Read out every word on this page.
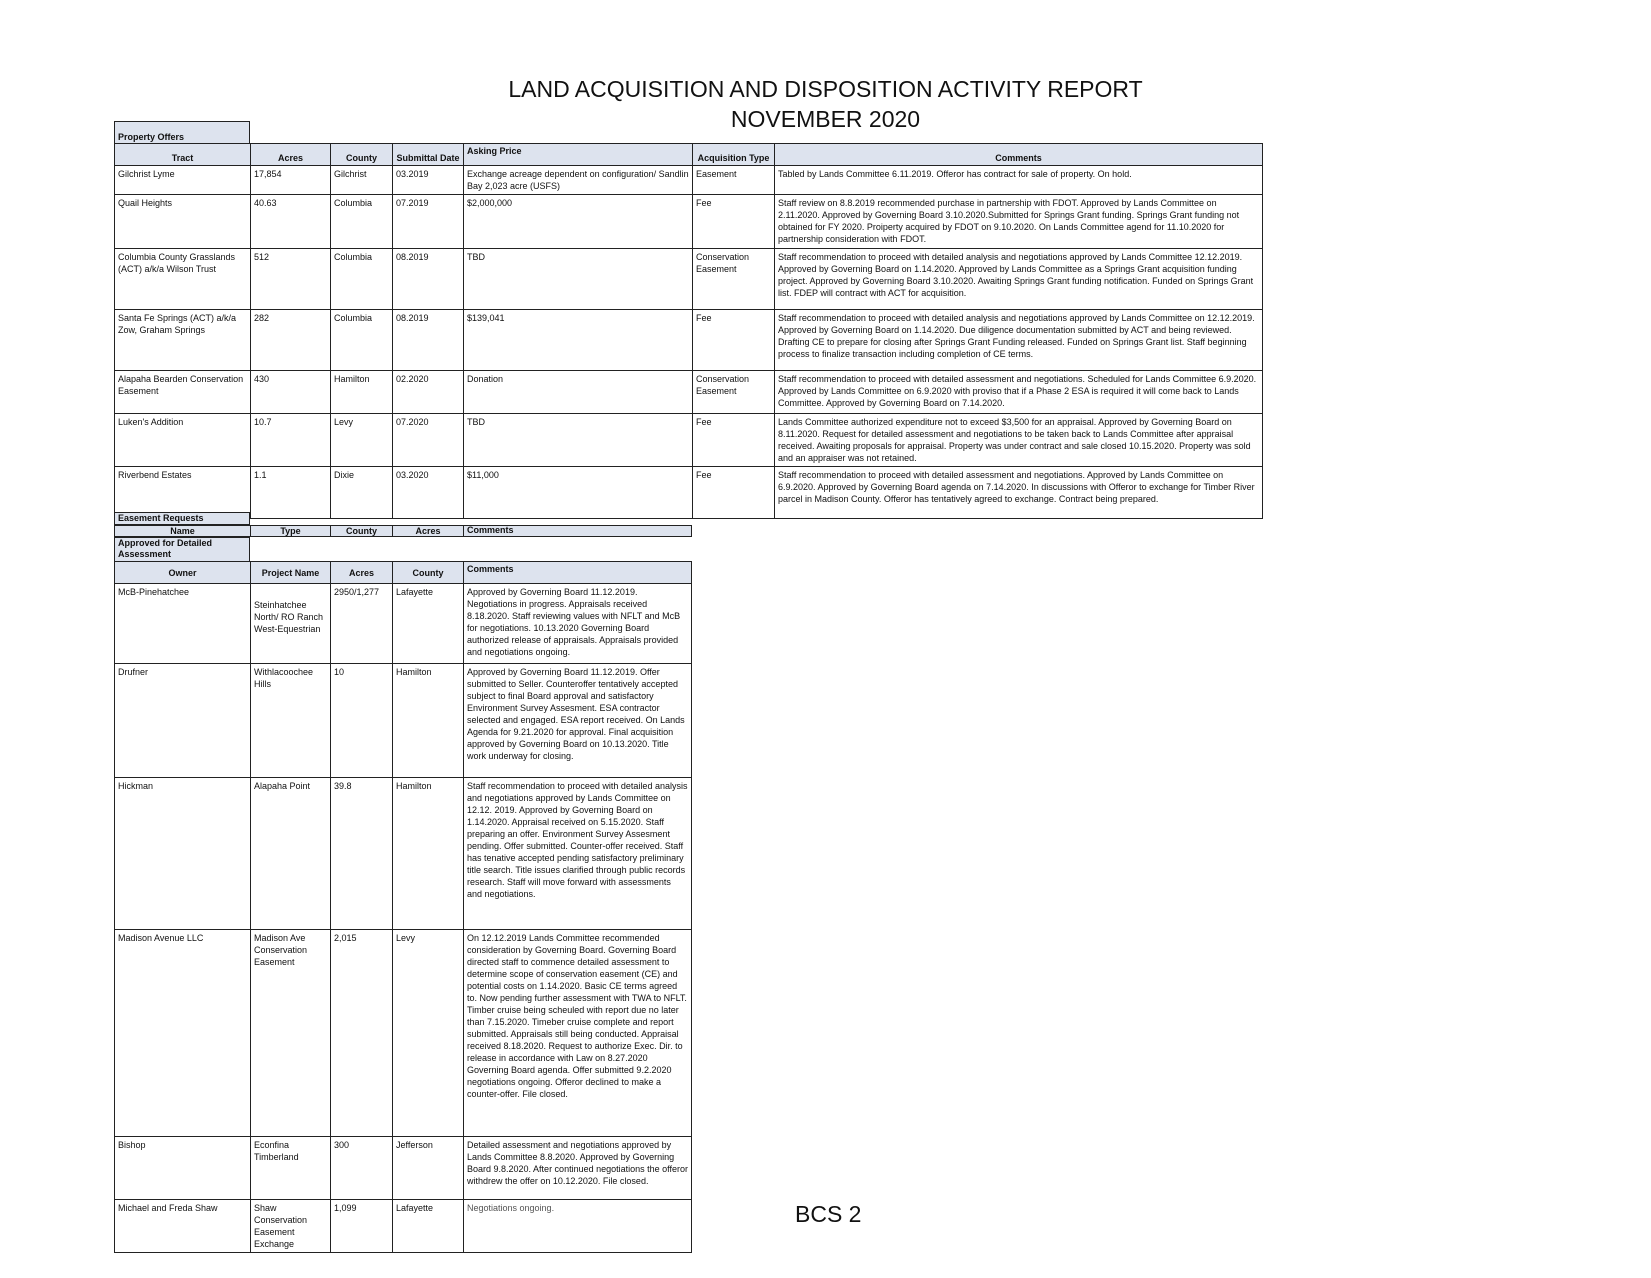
LAND ACQUISITION AND DISPOSITION ACTIVITY REPORT
NOVEMBER 2020
Property Offers
Tract	Acres	County	Submittal Date	Asking Price	Acquisition Type	Comments
Gilchrist Lyme	17,854	Gilchrist	03.2019	Exchange acreage dependent on configuration/ Sandlin Bay 2,023 acre (USFS)	Easement	Tabled by Lands Committee 6.11.2019. Offeror has contract for sale of property. On hold.
Quail Heights	40.63	Columbia	07.2019	$2,000,000	Fee	Staff review on 8.8.2019 recommended purchase in partnership with FDOT. Approved by Lands Committee on 2.11.2020. Approved by Governing Board 3.10.2020.Submitted for Springs Grant funding. Springs Grant funding not obtained for FY 2020. Proiperty acquired by FDOT on 9.10.2020. On Lands Committee agend for 11.10.2020 for partnership consideration with FDOT.
Columbia County Grasslands (ACT) a/k/a Wilson Trust	512	Columbia	08.2019	TBD	Conservation Easement	Staff recommendation to proceed with detailed analysis and negotiations approved by Lands Committee 12.12.2019. Approved by Governing Board on 1.14.2020. Approved by Lands Committee as a Springs Grant acquisition funding project. Approved by Governing Board 3.10.2020. Awaiting Springs Grant funding notification. Funded on Springs Grant list. FDEP will contract with ACT for acquisition.
Santa Fe Springs (ACT) a/k/a Zow, Graham Springs	282	Columbia	08.2019	$139,041	Fee	Staff recommendation to proceed with detailed analysis and negotiations approved by Lands Committee on 12.12.2019. Approved by Governing Board on 1.14.2020. Due diligence documentation submitted by ACT and being reviewed. Drafting CE to prepare for closing after Springs Grant Funding released. Funded on Springs Grant list. Staff beginning process to finalize transaction including completion of CE terms.
Alapaha Bearden Conservation Easement	430	Hamilton	02.2020	Donation	Conservation Easement	Staff recommendation to proceed with detailed assessment and negotiations. Scheduled for Lands Committee 6.9.2020. Approved by Lands Committee on 6.9.2020 with proviso that if a Phase 2 ESA is required it will come back to Lands Committee. Approved by Governing Board on 7.14.2020.
Luken's Addition	10.7	Levy	07.2020	TBD	Fee	Lands Committee authorized expenditure not to exceed $3,500 for an appraisal. Approved by Governing Board on 8.11.2020. Request for detailed assessment and negotiations to be taken back to Lands Committee after appraisal received. Awaiting proposals for appraisal. Property was under contract and sale closed 10.15.2020. Property was sold and an appraiser was not retained.
Riverbend Estates	1.1	Dixie	03.2020	$11,000	Fee	Staff recommendation to proceed with detailed assessment and negotiations. Approved by Lands Committee on 6.9.2020. Approved by Governing Board agenda on 7.14.2020. In discussions with Offeror to exchange for Timber River parcel in Madison County. Offeror has tentatively agreed to exchange. Contract being prepared.
Easement Requests
Name	Type	County	Acres	Comments
Approved for Detailed Assessment
Owner	Project Name	Acres	County	Comments
McB-Pinehatchee	Steinhatchee North/ RO Ranch West-Equestrian	2950/1,277	Lafayette	Approved by Governing Board 11.12.2019. Negotiations in progress. Appraisals received 8.18.2020. Staff reviewing values with NFLT and McB for negotiations. 10.13.2020 Governing Board authorized release of appraisals. Appraisals provided and negotiations ongoing.
Drufner	Withlacoochee Hills	10	Hamilton	Approved by Governing Board 11.12.2019. Offer submitted to Seller. Counteroffer tentatively accepted subject to final Board approval and satisfactory Environment Survey Assesment. ESA contractor selected and engaged. ESA report received. On Lands Agenda for 9.21.2020 for approval. Final acquisition approved by Governing Board on 10.13.2020. Title work underway for closing.
Hickman	Alapaha Point	39.8	Hamilton	Staff recommendation to proceed with detailed analysis and negotiations approved by Lands Committee on 12.12. 2019. Approved by Governing Board on 1.14.2020. Appraisal received on 5.15.2020. Staff preparing an offer. Environment Survey Assesment pending. Offer submitted. Counter-offer received. Staff has tenative accepted pending satisfactory preliminary title search. Title issues clarified through public records research. Staff will move forward with assessments and negotiations.
Madison Avenue LLC	Madison Ave Conservation Easement	2,015	Levy	On 12.12.2019 Lands Committee recommended consideration by Governing Board. Governing Board directed staff to commence detailed assessment to determine scope of conservation easement (CE) and potential costs on 1.14.2020. Basic CE terms agreed to. Now pending further assessment with TWA to NFLT. Timber cruise being scheuled with report due no later than 7.15.2020. Timeber cruise complete and report submitted. Appraisals still being conducted. Appraisal received 8.18.2020. Request to authorize Exec. Dir. to release in accordance with Law on 8.27.2020 Governing Board agenda. Offer submitted 9.2.2020 negotiations ongoing. Offeror declined to make a counter-offer. File closed.
Bishop	Econfina Timberland	300	Jefferson	Detailed assessment and negotiations approved by Lands Committee 8.8.2020. Approved by Governing Board 9.8.2020. After continued negotiations the offeror withdrew the offer on 10.12.2020. File closed.
Michael and Freda Shaw	Shaw Conservation Easement Exchange	1,099	Lafayette	Negotiations ongoing.	BCS 2
